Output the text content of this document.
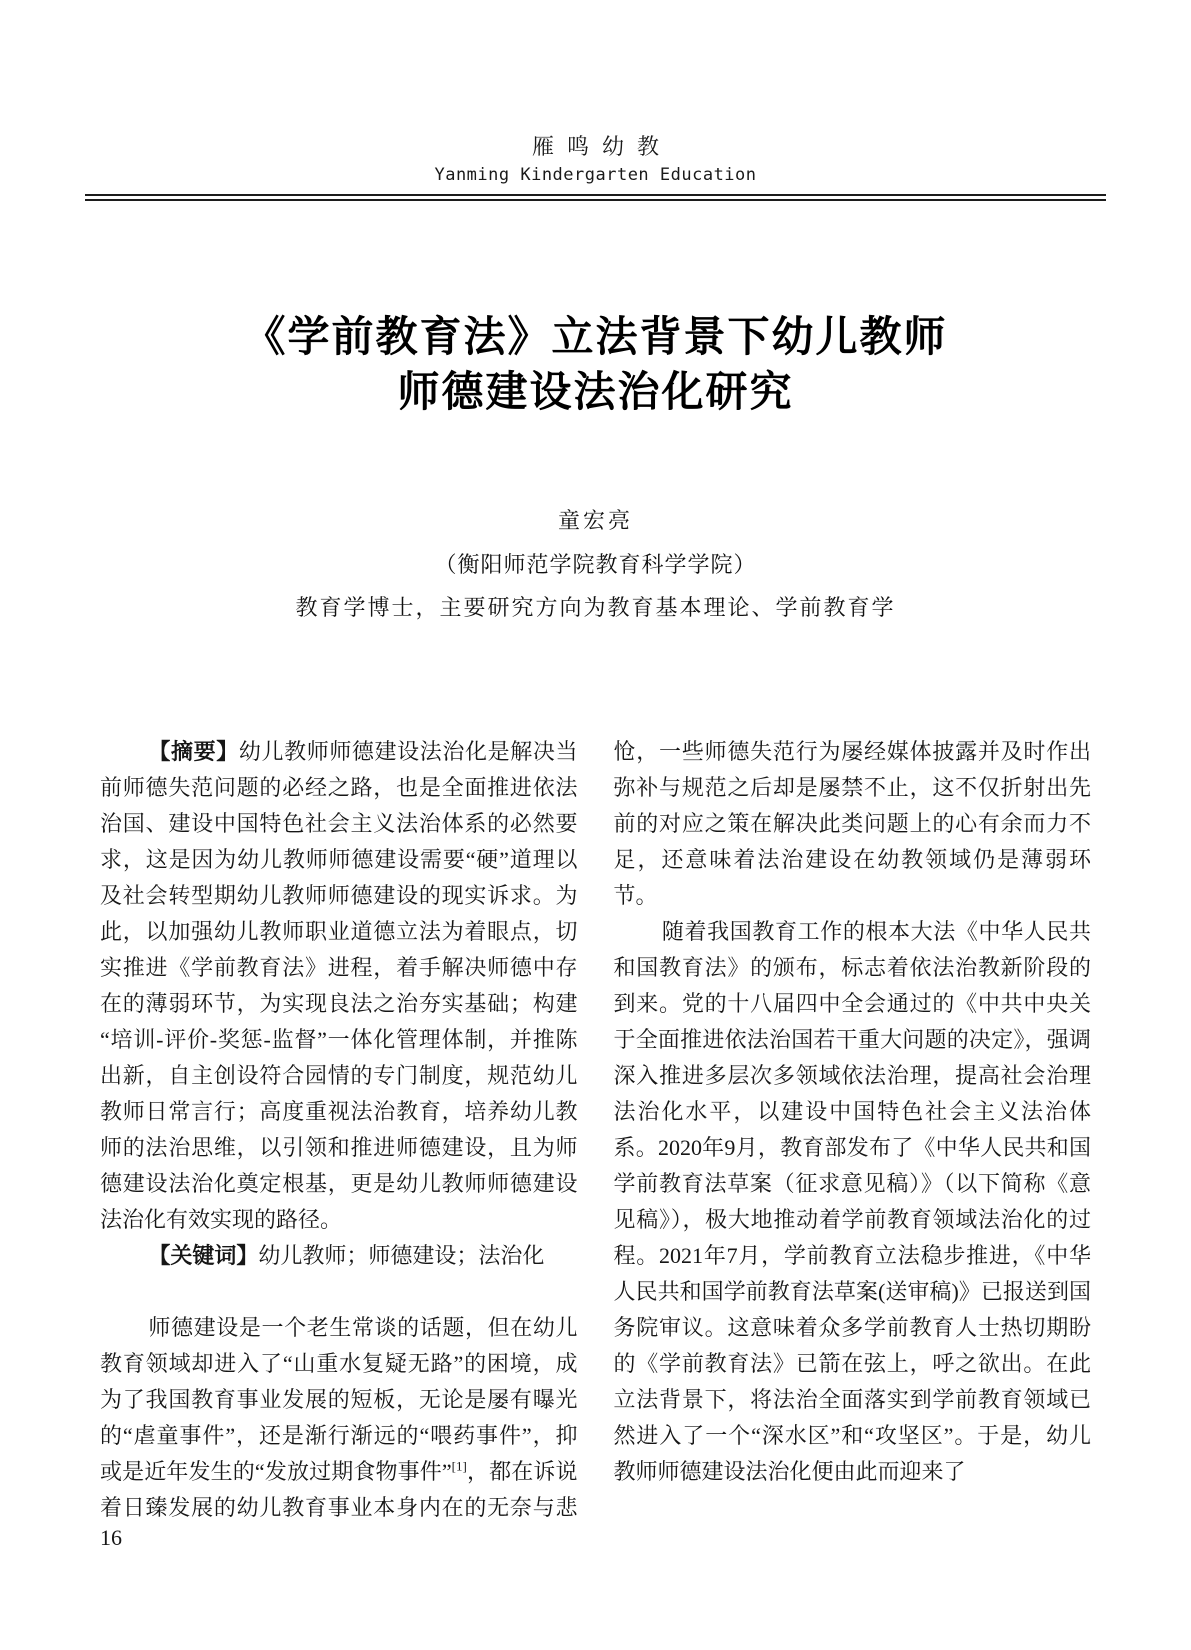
雁鸣幼教
Yanming Kindergarten Education
《学前教育法》立法背景下幼儿教师
师德建设法治化研究
童宏亮
（衡阳师范学院教育科学学院）
教育学博士，主要研究方向为教育基本理论、学前教育学

【摘要】幼儿教师师德建设法治化是解决当前师德失范问题的必经之路，也是全面推进依法治国、建设中国特色社会主义法治体系的必然要求，这是因为幼儿教师师德建设需要“硬”道理以及社会转型期幼儿教师师德建设的现实诉求。为此，以加强幼儿教师职业道德立法为着眼点，切实推进《学前教育法》进程，着手解决师德中存在的薄弱环节，为实现良法之治夯实基础；构建“培训-评价-奖惩-监督”一体化管理体制，并推陈出新，自主创设符合园情的专门制度，规范幼儿教师日常言行；高度重视法治教育，培养幼儿教师的法治思维，以引领和推进师德建设，且为师德建设法治化奠定根基，更是幼儿教师师德建设法治化有效实现的路径。

【关键词】幼儿教师；师德建设；法治化

师德建设是一个老生常谈的话题，但在幼儿教育领域却进入了“山重水复疑无路”的困境，成为了我国教育事业发展的短板，无论是屡有曝光的“虐童事件”，还是渐行渐远的“喂药事件”，抑或是近年发生的“发放过期食物事件”[1]，都在诉说着日臻发展的幼儿教育事业本身内在的无奈与悲怆，一些师德失范行为屡经媒体披露并及时作出弥补与规范之后却是屡禁不止，这不仅折射出先前的对应之策在解决此类问题上的心有余而力不足，还意味着法治建设在幼教领域仍是薄弱环节。

随着我国教育工作的根本大法《中华人民共和国教育法》的颁布，标志着依法治教新阶段的到来。党的十八届四中全会通过的《中共中央关于全面推进依法治国若干重大问题的决定》，强调深入推进多层次多领域依法治理，提高社会治理法治化水平，以建设中国特色社会主义法治体系。2020年9月，教育部发布了《中华人民共和国学前教育法草案（征求意见稿）》（以下简称《意见稿》），极大地推动着学前教育领域法治化的过程。2021年7月，学前教育立法稳步推进，《中华人民共和国学前教育法草案(送审稿)》已报送到国务院审议。这意味着众多学前教育人士热切期盼的《学前教育法》已箭在弦上，呼之欲出。在此立法背景下，将法治全面落实到学前教育领域已然进入了一个“深水区”和“攻坚区”。于是，幼儿教师师德建设法治化便由此而迎来了

16
